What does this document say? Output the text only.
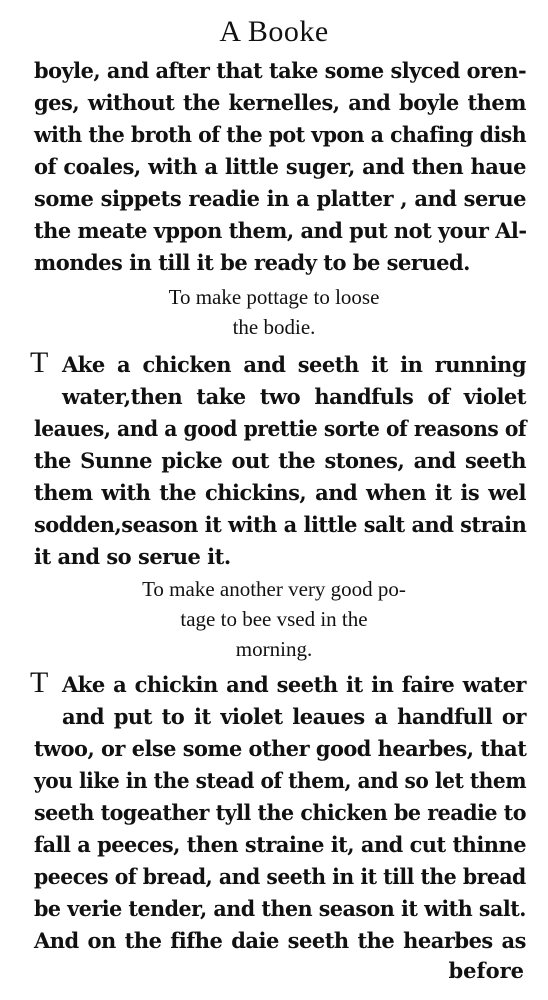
A Booke
boyle, and after that take some slyced oren-
ges, without the kernelles, and boyle them
with the broth of the pot vpon a chafing dish
of coales, with a little suger, and then haue
some sippets readie in a platter , and serue
the meate vppon them, and put not your Al-
mondes in till it be ready to be serued.
To make pottage to loose
the bodie.
T Ake a chicken and seeth it in running
water,then take two handfuls of violet
leaues, and a good prettie sorte of reasons of
the Sunne picke out the stones, and seeth
them with the chickins, and when it is wel
sodden,season it with a little salt and strain
it and so serue it.
To make another very good po-
tage to bee vsed in the
morning.
T Ake a chickin and seeth it in faire water
and put to it violet leaues a handfull or
twoo, or else some other good hearbes, that
you like in the stead of them, and so let them
seeth togeather tyll the chicken be readie to
fall a peeces, then straine it, and cut thinne
peeces of bread, and seeth in it till the bread
be verie tender, and then season it with salt.
And on the fifhe daie seeth the hearbes as
before
